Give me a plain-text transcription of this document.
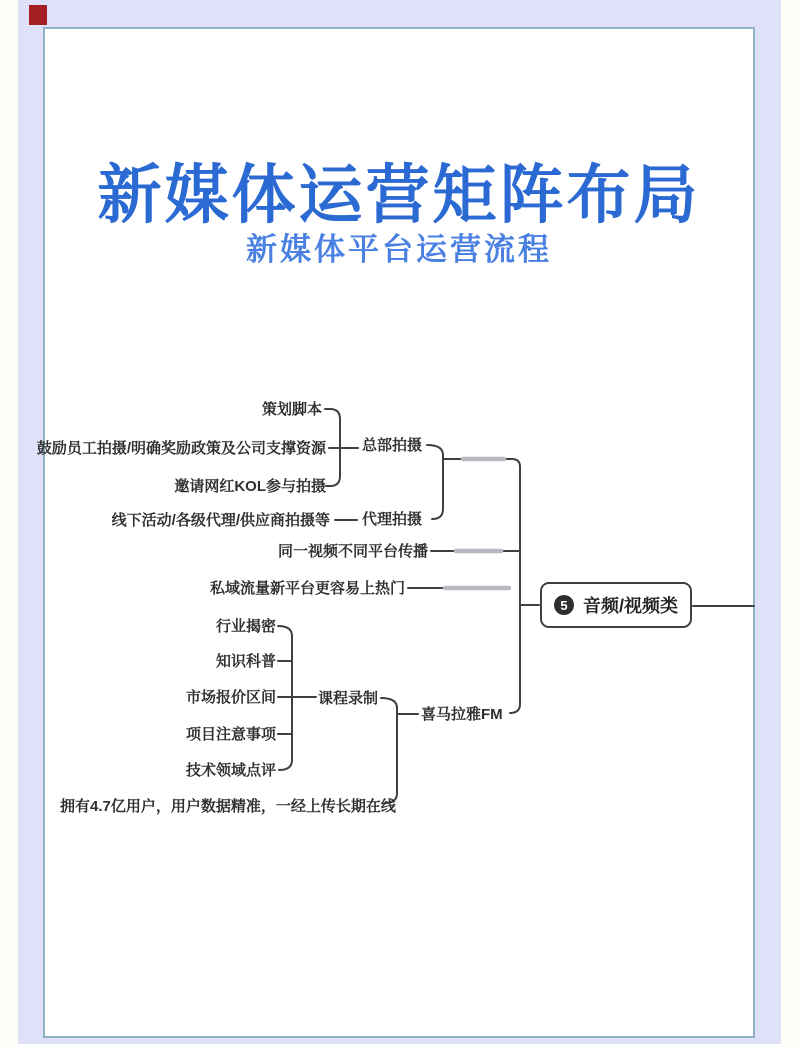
新媒体运营矩阵布局
新媒体平台运营流程
策划脚本
鼓励员工拍摄/明确奖励政策及公司支撑资源
邀请网红KOL参与拍摄
总部拍摄
线下活动/各级代理/供应商拍摄等 代理拍摄
同一视频不同平台传播
私域流量新平台更容易上热门
行业揭密
知识科普
市场报价区间
项目注意事项
技术领域点评
课程录制
喜马拉雅FM
拥有4.7亿用户，用户数据精准，一经上传长期在线
5 音频/视频类
